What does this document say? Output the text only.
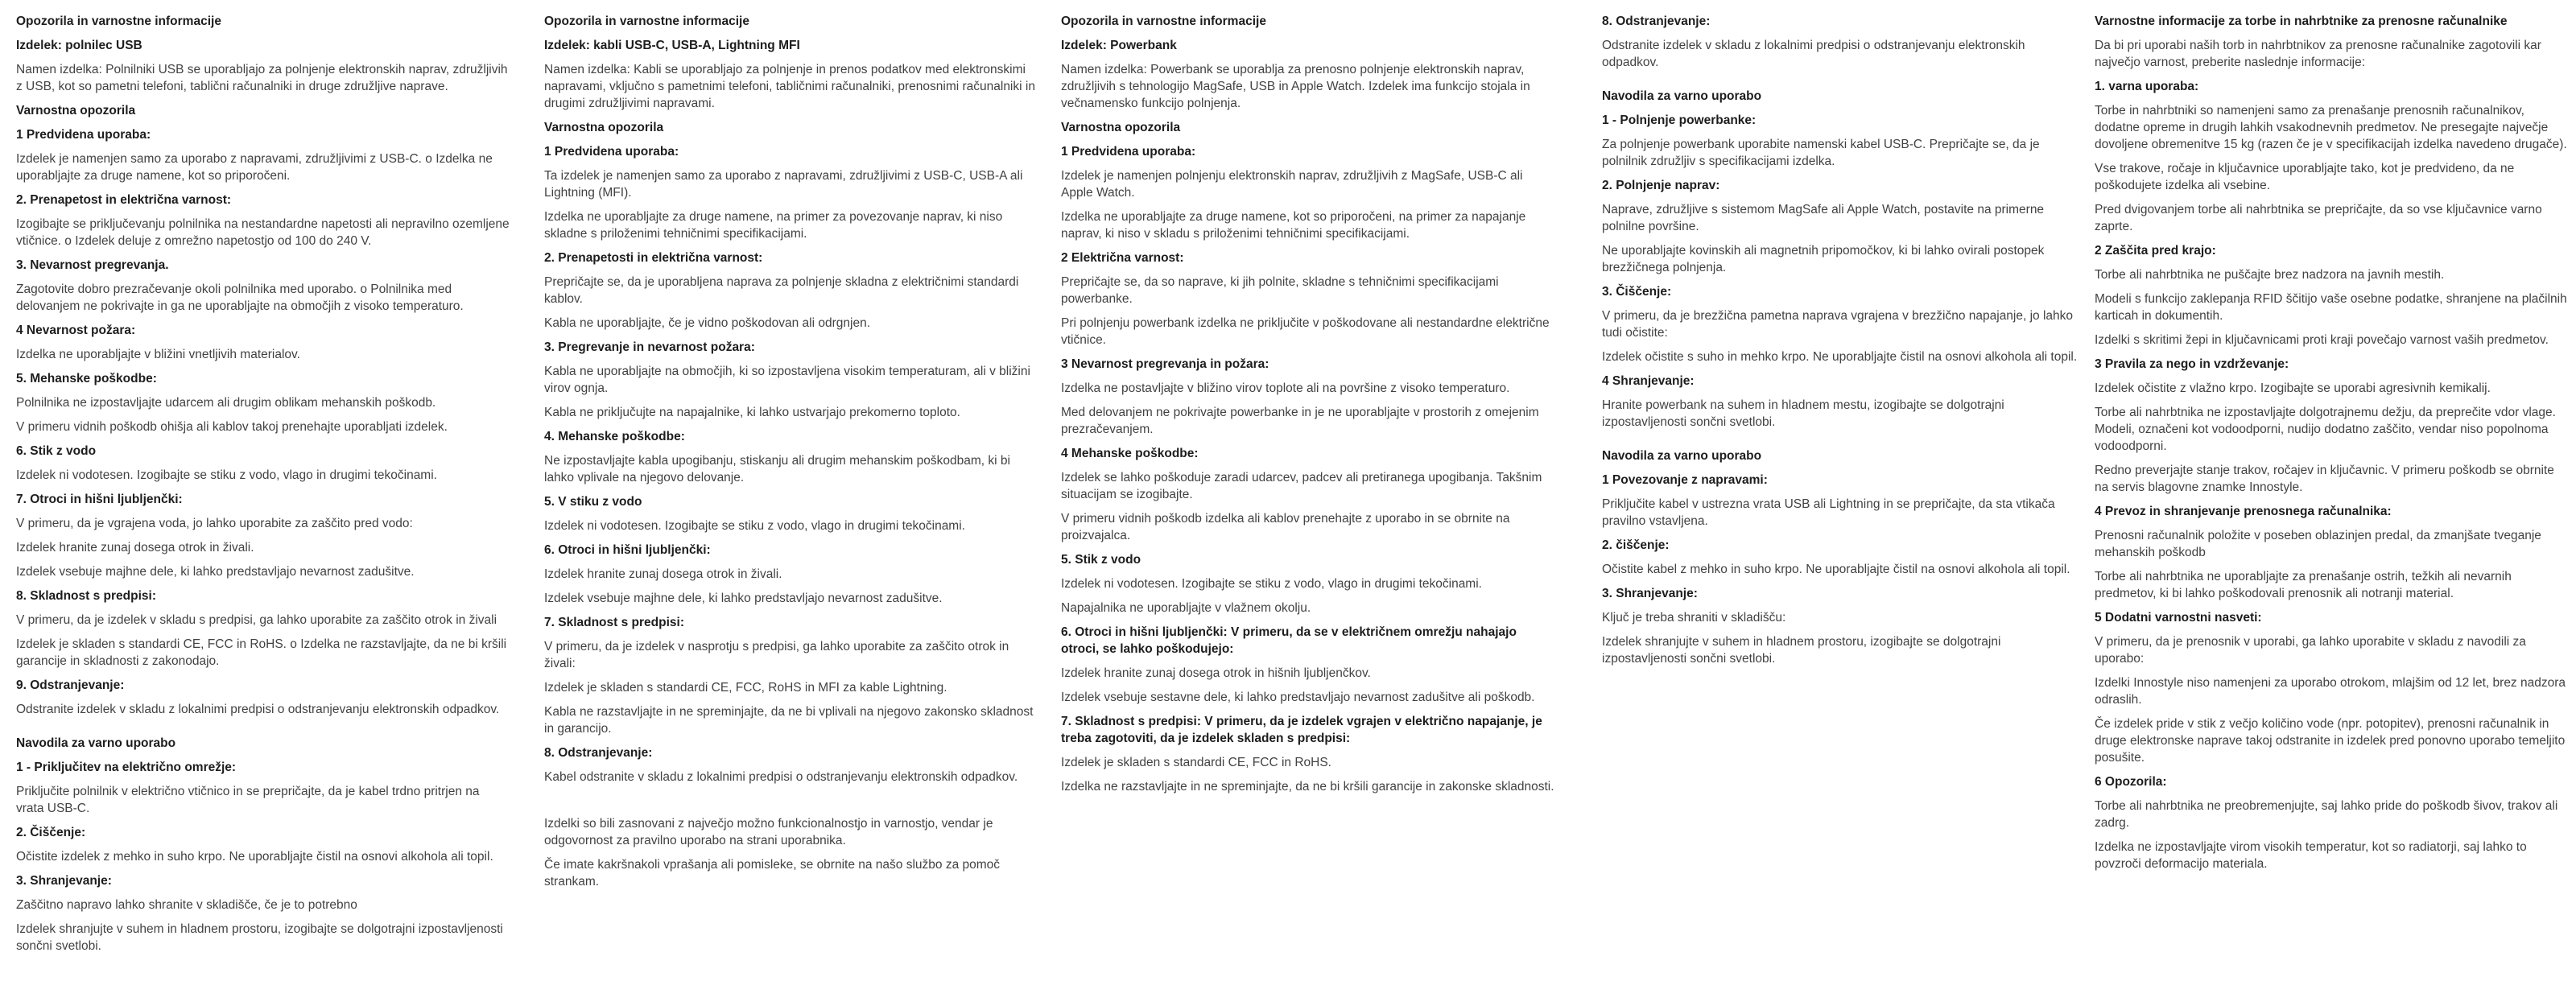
Opozorila in varnostne informacije
Izdelek: polnilec USB

Namen izdelka: Polnilniki USB se uporabljajo za polnjenje elektronskih naprav, združljivih z USB, kot so pametni telefoni, tablični računalniki in druge združljive naprave.

Varnostna opozorila
1 Predvidena uporaba:

Izdelek je namenjen samo za uporabo z napravami, združljivimi z USB-C. o Izdelka ne uporabljajte za druge namene, kot so priporočeni.

2. Prenapetost in električna varnost:

Izogibajte se priključevanju polnilnika na nestandardne napetosti ali nepravilno ozemljene vtičnice. o Izdelek deluje z omrežno napetostjo od 100 do 240 V.

3. Nevarnost pregrevanja.

Zagotovite dobro prezračevanje okoli polnilnika med uporabo. o Polnilnika med delovanjem ne pokrivajte in ga ne uporabljajte na območjih z visoko temperaturo.

4 Nevarnost požara:

Izdelka ne uporabljajte v bližini vnetljivih materialov.

5. Mehanske poškodbe:

Polnilnika ne izpostavljajte udarcem ali drugim oblikam mehanskih poškodb.

V primeru vidnih poškodb ohišja ali kablov takoj prenehajte uporabljati izdelek.

6. Stik z vodo

Izdelek ni vodotesen. Izogibajte se stiku z vodo, vlago in drugimi tekočinami.

7. Otroci in hišni ljubljenčki:

V primeru, da je vgrajena voda, jo lahko uporabite za zaščito pred vodo:

Izdelek hranite zunaj dosega otrok in živali.

Izdelek vsebuje majhne dele, ki lahko predstavljajo nevarnost zadušitve.

8. Skladnost s predpisi:

V primeru, da je izdelek v skladu s predpisi, ga lahko uporabite za zaščito otrok in živali

Izdelek je skladen s standardi CE, FCC in RoHS. o Izdelka ne razstavljajte, da ne bi kršili garancije in skladnosti z zakonodajo.

9. Odstranjevanje:

Odstranite izdelek v skladu z lokalnimi predpisi o odstranjevanju elektronskih odpadkov.

Navodila za varno uporabo
1 - Priključitev na električno omrežje:

Priključite polnilnik v električno vtičnico in se prepričajte, da je kabel trdno pritrjen na vrata USB-C.

2. Čiščenje:

Očistite izdelek z mehko in suho krpo. Ne uporabljajte čistil na osnovi alkohola ali topil.

3. Shranjevanje:

Zaščitno napravo lahko shranite v skladišče, če je to potrebno

Izdelek shranjujte v suhem in hladnem prostoru, izogibajte se dolgotrajni izpostavljenosti sončni svetlobi.

Opozorila in varnostne informacije
Izdelek: kabli USB-C, USB-A, Lightning MFI

Namen izdelka: Kabli se uporabljajo za polnjenje in prenos podatkov med elektronskimi napravami, vključno s pametnimi telefoni, tabličnimi računalniki, prenosnimi računalniki in drugimi združljivimi napravami.

Varnostna opozorila
1 Predvidena uporaba:

Ta izdelek je namenjen samo za uporabo z napravami, združljivimi z USB-C, USB-A ali Lightning (MFI).

Izdelka ne uporabljajte za druge namene, na primer za povezovanje naprav, ki niso skladne s priloženimi tehničnimi specifikacijami.

2. Prenapetosti in električna varnost:

Prepričajte se, da je uporabljena naprava za polnjenje skladna z električnimi standardi kablov.

Kabla ne uporabljajte, če je vidno poškodovan ali odrgnjen.

3. Pregrevanje in nevarnost požara:

Kabla ne uporabljajte na območjih, ki so izpostavljena visokim temperaturam, ali v bližini virov ognja.

Kabla ne priključujte na napajalnike, ki lahko ustvarjajo prekomerno toploto.

4. Mehanske poškodbe:

Ne izpostavljajte kabla upogibanju, stiskanju ali drugim mehanskim poškodbam, ki bi lahko vplivale na njegovo delovanje.

5. V stiku z vodo

Izdelek ni vodotesen. Izogibajte se stiku z vodo, vlago in drugimi tekočinami.

6. Otroci in hišni ljubljenčki:

Izdelek hranite zunaj dosega otrok in živali.

Izdelek vsebuje majhne dele, ki lahko predstavljajo nevarnost zadušitve.

7. Skladnost s predpisi:

V primeru, da je izdelek v nasprotju s predpisi, ga lahko uporabite za zaščito otrok in živali:

Izdelek je skladen s standardi CE, FCC, RoHS in MFI za kable Lightning.

Kabla ne razstavljajte in ne spreminjajte, da ne bi vplivali na njegovo zakonsko skladnost in garancijo.

8. Odstranjevanje:

Kabel odstranite v skladu z lokalnimi predpisi o odstranjevanju elektronskih odpadkov.

Izdelki so bili zasnovani z največjo možno funkcionalnostjo in varnostjo, vendar je odgovornost za pravilno uporabo na strani uporabnika.

Če imate kakršnakoli vprašanja ali pomisleke, se obrnite na našo službo za pomoč strankam.

Opozorila in varnostne informacije
Izdelek: Powerbank

Namen izdelka: Powerbank se uporablja za prenosno polnjenje elektronskih naprav, združljivih s tehnologijo MagSafe, USB in Apple Watch. Izdelek ima funkcijo stojala in večnamensko funkcijo polnjenja.

Varnostna opozorila
1 Predvidena uporaba:

Izdelek je namenjen polnjenju elektronskih naprav, združljivih z MagSafe, USB-C ali Apple Watch.

Izdelka ne uporabljajte za druge namene, kot so priporočeni, na primer za napajanje naprav, ki niso v skladu s priloženimi tehničnimi specifikacijami.

2 Električna varnost:

Prepričajte se, da so naprave, ki jih polnite, skladne s tehničnimi specifikacijami powerbanke.

Pri polnjenju powerbank izdelka ne priključite v poškodovane ali nestandardne električne vtičnice.

3 Nevarnost pregrevanja in požara:

Izdelka ne postavljajte v bližino virov toplote ali na površine z visoko temperaturo.

Med delovanjem ne pokrivajte powerbanke in je ne uporabljajte v prostorih z omejenim prezračevanjem.

4 Mehanske poškodbe:

Izdelek se lahko poškoduje zaradi udarcev, padcev ali pretiranega upogibanja. Takšnim situacijam se izogibajte.

V primeru vidnih poškodb izdelka ali kablov prenehajte z uporabo in se obrnite na proizvajalca.

5. Stik z vodo

Izdelek ni vodotesen. Izogibajte se stiku z vodo, vlago in drugimi tekočinami.

Napajalnika ne uporabljajte v vlažnem okolju.

6. Otroci in hišni ljubljenčki: V primeru, da se v električnem omrežju nahajajo otroci, se lahko poškodujejo:

Izdelek hranite zunaj dosega otrok in hišnih ljubljenčkov.

Izdelek vsebuje sestavne dele, ki lahko predstavljajo nevarnost zadušitve ali poškodb.

7. Skladnost s predpisi: V primeru, da je izdelek vgrajen v električno napajanje, je treba zagotoviti, da je izdelek skladen s predpisi:

Izdelek je skladen s standardi CE, FCC in RoHS.

Izdelka ne razstavljajte in ne spreminjajte, da ne bi kršili garancije in zakonske skladnosti.

8. Odstranjevanje:

Odstranite izdelek v skladu z lokalnimi predpisi o odstranjevanju elektronskih odpadkov.

Navodila za varno uporabo
1 - Polnjenje powerbanke:

Za polnjenje powerbank uporabite namenski kabel USB-C. Prepričajte se, da je polnilnik združljiv s specifikacijami izdelka.

2. Polnjenje naprav:

Naprave, združljive s sistemom MagSafe ali Apple Watch, postavite na primerne polnilne površine.

Ne uporabljajte kovinskih ali magnetnih pripomočkov, ki bi lahko ovirali postopek brezžičnega polnjenja.

3. Čiščenje:

V primeru, da je brezžična pametna naprava vgrajena v brezžično napajanje, jo lahko tudi očistite:

Izdelek očistite s suho in mehko krpo. Ne uporabljajte čistil na osnovi alkohola ali topil.

4 Shranjevanje:

Hranite powerbank na suhem in hladnem mestu, izogibajte se dolgotrajni izpostavljenosti sončni svetlobi.

Navodila za varno uporabo
1 Povezovanje z napravami:

Priključite kabel v ustrezna vrata USB ali Lightning in se prepričajte, da sta vtikača pravilno vstavljena.

2. čiščenje:

Očistite kabel z mehko in suho krpo. Ne uporabljajte čistil na osnovi alkohola ali topil.

3. Shranjevanje:

Ključ je treba shraniti v skladišču:

Izdelek shranjujte v suhem in hladnem prostoru, izogibajte se dolgotrajni izpostavljenosti sončni svetlobi.

Varnostne informacije za torbe in nahrbtnike za prenosne računalnike

Da bi pri uporabi naših torb in nahrbtnikov za prenosne računalnike zagotovili kar največjo varnost, preberite naslednje informacije:

1. varna uporaba:

Torbe in nahrbtniki so namenjeni samo za prenašanje prenosnih računalnikov, dodatne opreme in drugih lahkih vsakodnevnih predmetov. Ne presegajte največje dovoljene obremenitve 15 kg (razen če je v specifikacijah izdelka navedeno drugače).

Vse trakove, ročaje in ključavnice uporabljajte tako, kot je predvideno, da ne poškodujete izdelka ali vsebine.

Pred dvigovanjem torbe ali nahrbtnika se prepričajte, da so vse ključavnice varno zaprte.

2 Zaščita pred krajo:

Torbe ali nahrbtnika ne puščajte brez nadzora na javnih mestih.

Modeli s funkcijo zaklepanja RFID ščitijo vaše osebne podatke, shranjene na plačilnih karticah in dokumentih.

Izdelki s skritimi žepi in ključavnicami proti kraji povečajo varnost vaših predmetov.

3 Pravila za nego in vzdrževanje:

Izdelek očistite z vlažno krpo. Izogibajte se uporabi agresivnih kemikalij.

Torbe ali nahrbtnika ne izpostavljajte dolgotrajnemu dežju, da preprečite vdor vlage. Modeli, označeni kot vodoodporni, nudijo dodatno zaščito, vendar niso popolnoma vodoodporni.

Redno preverjajte stanje trakov, ročajev in ključavnic. V primeru poškodb se obrnite na servis blagovne znamke Innostyle.

4 Prevoz in shranjevanje prenosnega računalnika:

Prenosni računalnik položite v poseben oblazinjen predal, da zmanjšate tveganje mehanskih poškodb

Torbe ali nahrbtnika ne uporabljajte za prenašanje ostrih, težkih ali nevarnih predmetov, ki bi lahko poškodovali prenosnik ali notranji material.

5 Dodatni varnostni nasveti:

V primeru, da je prenosnik v uporabi, ga lahko uporabite v skladu z navodili za uporabo:

Izdelki Innostyle niso namenjeni za uporabo otrokom, mlajšim od 12 let, brez nadzora odraslih.

Če izdelek pride v stik z večjo količino vode (npr. potopitev), prenosni računalnik in druge elektronske naprave takoj odstranite in izdelek pred ponovno uporabo temeljito posušite.

6 Opozorila:

Torbe ali nahrbtnika ne preobremenjujte, saj lahko pride do poškodb šivov, trakov ali zadrg.

Izdelka ne izpostavljajte virom visokih temperatur, kot so radiatorji, saj lahko to povzroči deformacijo materiala.
